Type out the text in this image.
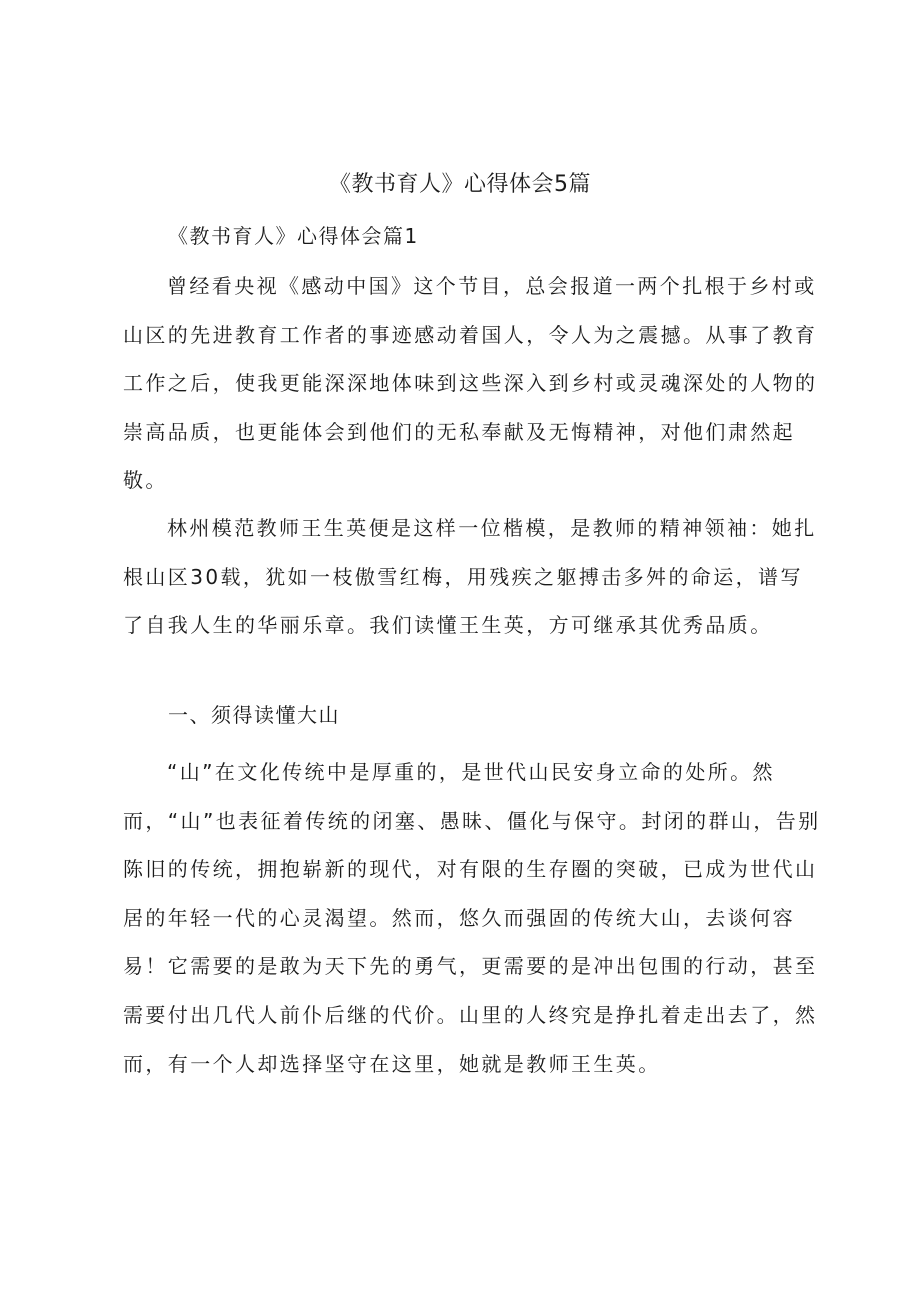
《教书育人》心得体会5篇
《教书育人》心得体会篇1
曾经看央视《感动中国》这个节目，总会报道一两个扎根于乡村或山区的先进教育工作者的事迹感动着国人，令人为之震撼。从事了教育工作之后，使我更能深深地体味到这些深入到乡村或灵魂深处的人物的崇高品质，也更能体会到他们的无私奉献及无悔精神，对他们肃然起敬。
林州模范教师王生英便是这样一位楷模，是教师的精神领袖：她扎根山区30载，犹如一枝傲雪红梅，用残疾之躯搏击多舛的命运，谱写了自我人生的华丽乐章。我们读懂王生英，方可继承其优秀品质。
一、须得读懂大山
“山”在文化传统中是厚重的，是世代山民安身立命的处所。然而，“山”也表征着传统的闭塞、愚昧、僵化与保守。封闭的群山，告别陈旧的传统，拥抱崭新的现代，对有限的生存圈的突破，已成为世代山居的年轻一代的心灵渴望。然而，悠久而强固的传统大山，去谈何容易！它需要的是敢为天下先的勇气，更需要的是冲出包围的行动，甚至需要付出几代人前仆后继的代价。山里的人终究是挣扎着走出去了，然而，有一个人却选择坚守在这里，她就是教师王生英。
